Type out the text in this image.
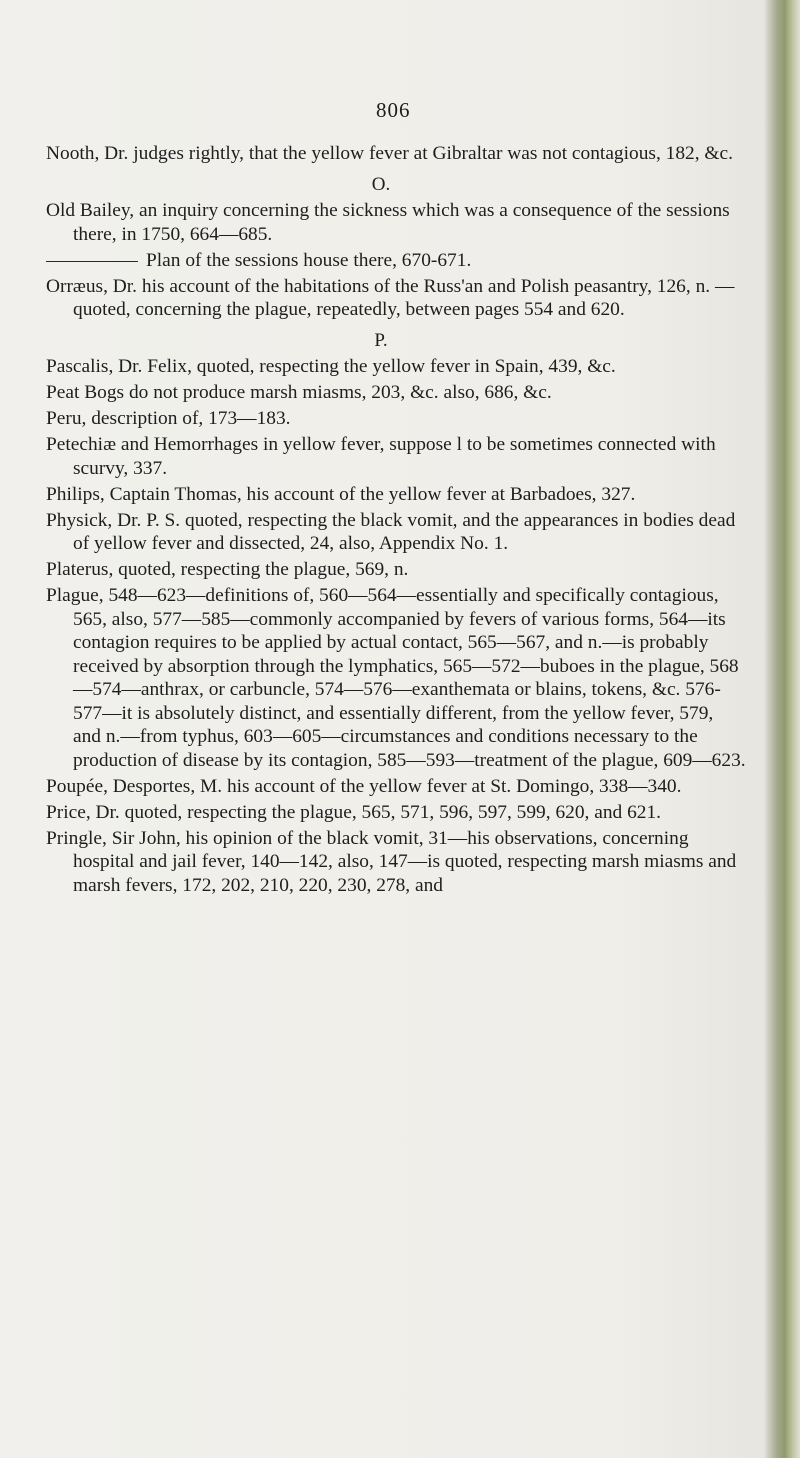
806

Nooth, Dr. judges rightly, that the yellow fever at Gibraltar was not contagious, 182, &c.

O.

Old Bailey, an inquiry concerning the sickness which was a consequence of the sessions there, in 1750, 664—685.

Plan of the sessions house there, 670-671.

Orræus, Dr. his account of the habitations of the Russ'an and Polish peasantry, 126, n. — quoted, concerning the plague, repeatedly, between pages 554 and 620.

P.

Pascalis, Dr. Felix, quoted, respecting the yellow fever in Spain, 439, &c.

Peat Bogs do not produce marsh miasms, 203, &c. also, 686, &c.

Peru, description of, 173—183.

Petechiæ and Hemorrhages in yellow fever, suppose l to be sometimes connected with scurvy, 337.

Philips, Captain Thomas, his account of the yellow fever at Barbadoes, 327.

Physick, Dr. P. S. quoted, respecting the black vomit, and the appearances in bodies dead of yellow fever and dissected, 24, also, Appendix No. 1.

Platerus, quoted, respecting the plague, 569, n.

Plague, 548—623—definitions of, 560—564—essentially and specifically contagious, 565, also, 577—585—commonly accompanied by fevers of various forms, 564—its contagion requires to be applied by actual contact, 565—567, and n.—is probably received by absorption through the lymphatics, 565—572—buboes in the plague, 568—574—anthrax, or carbuncle, 574—576—exanthemata or blains, tokens, &c. 576-577—it is absolutely distinct, and essentially different, from the yellow fever, 579, and n.—from typhus, 603—605—circumstances and conditions necessary to the production of disease by its contagion, 585—593—treatment of the plague, 609—623.

Poupée, Desportes, M. his account of the yellow fever at St. Domingo, 338—340.

Price, Dr. quoted, respecting the plague, 565, 571, 596, 597, 599, 620, and 621.

Pringle, Sir John, his opinion of the black vomit, 31—his observations, concerning hospital and jail fever, 140—142, also, 147—is quoted, respecting marsh miasms and marsh fevers, 172, 202, 210, 220, 230, 278, and
